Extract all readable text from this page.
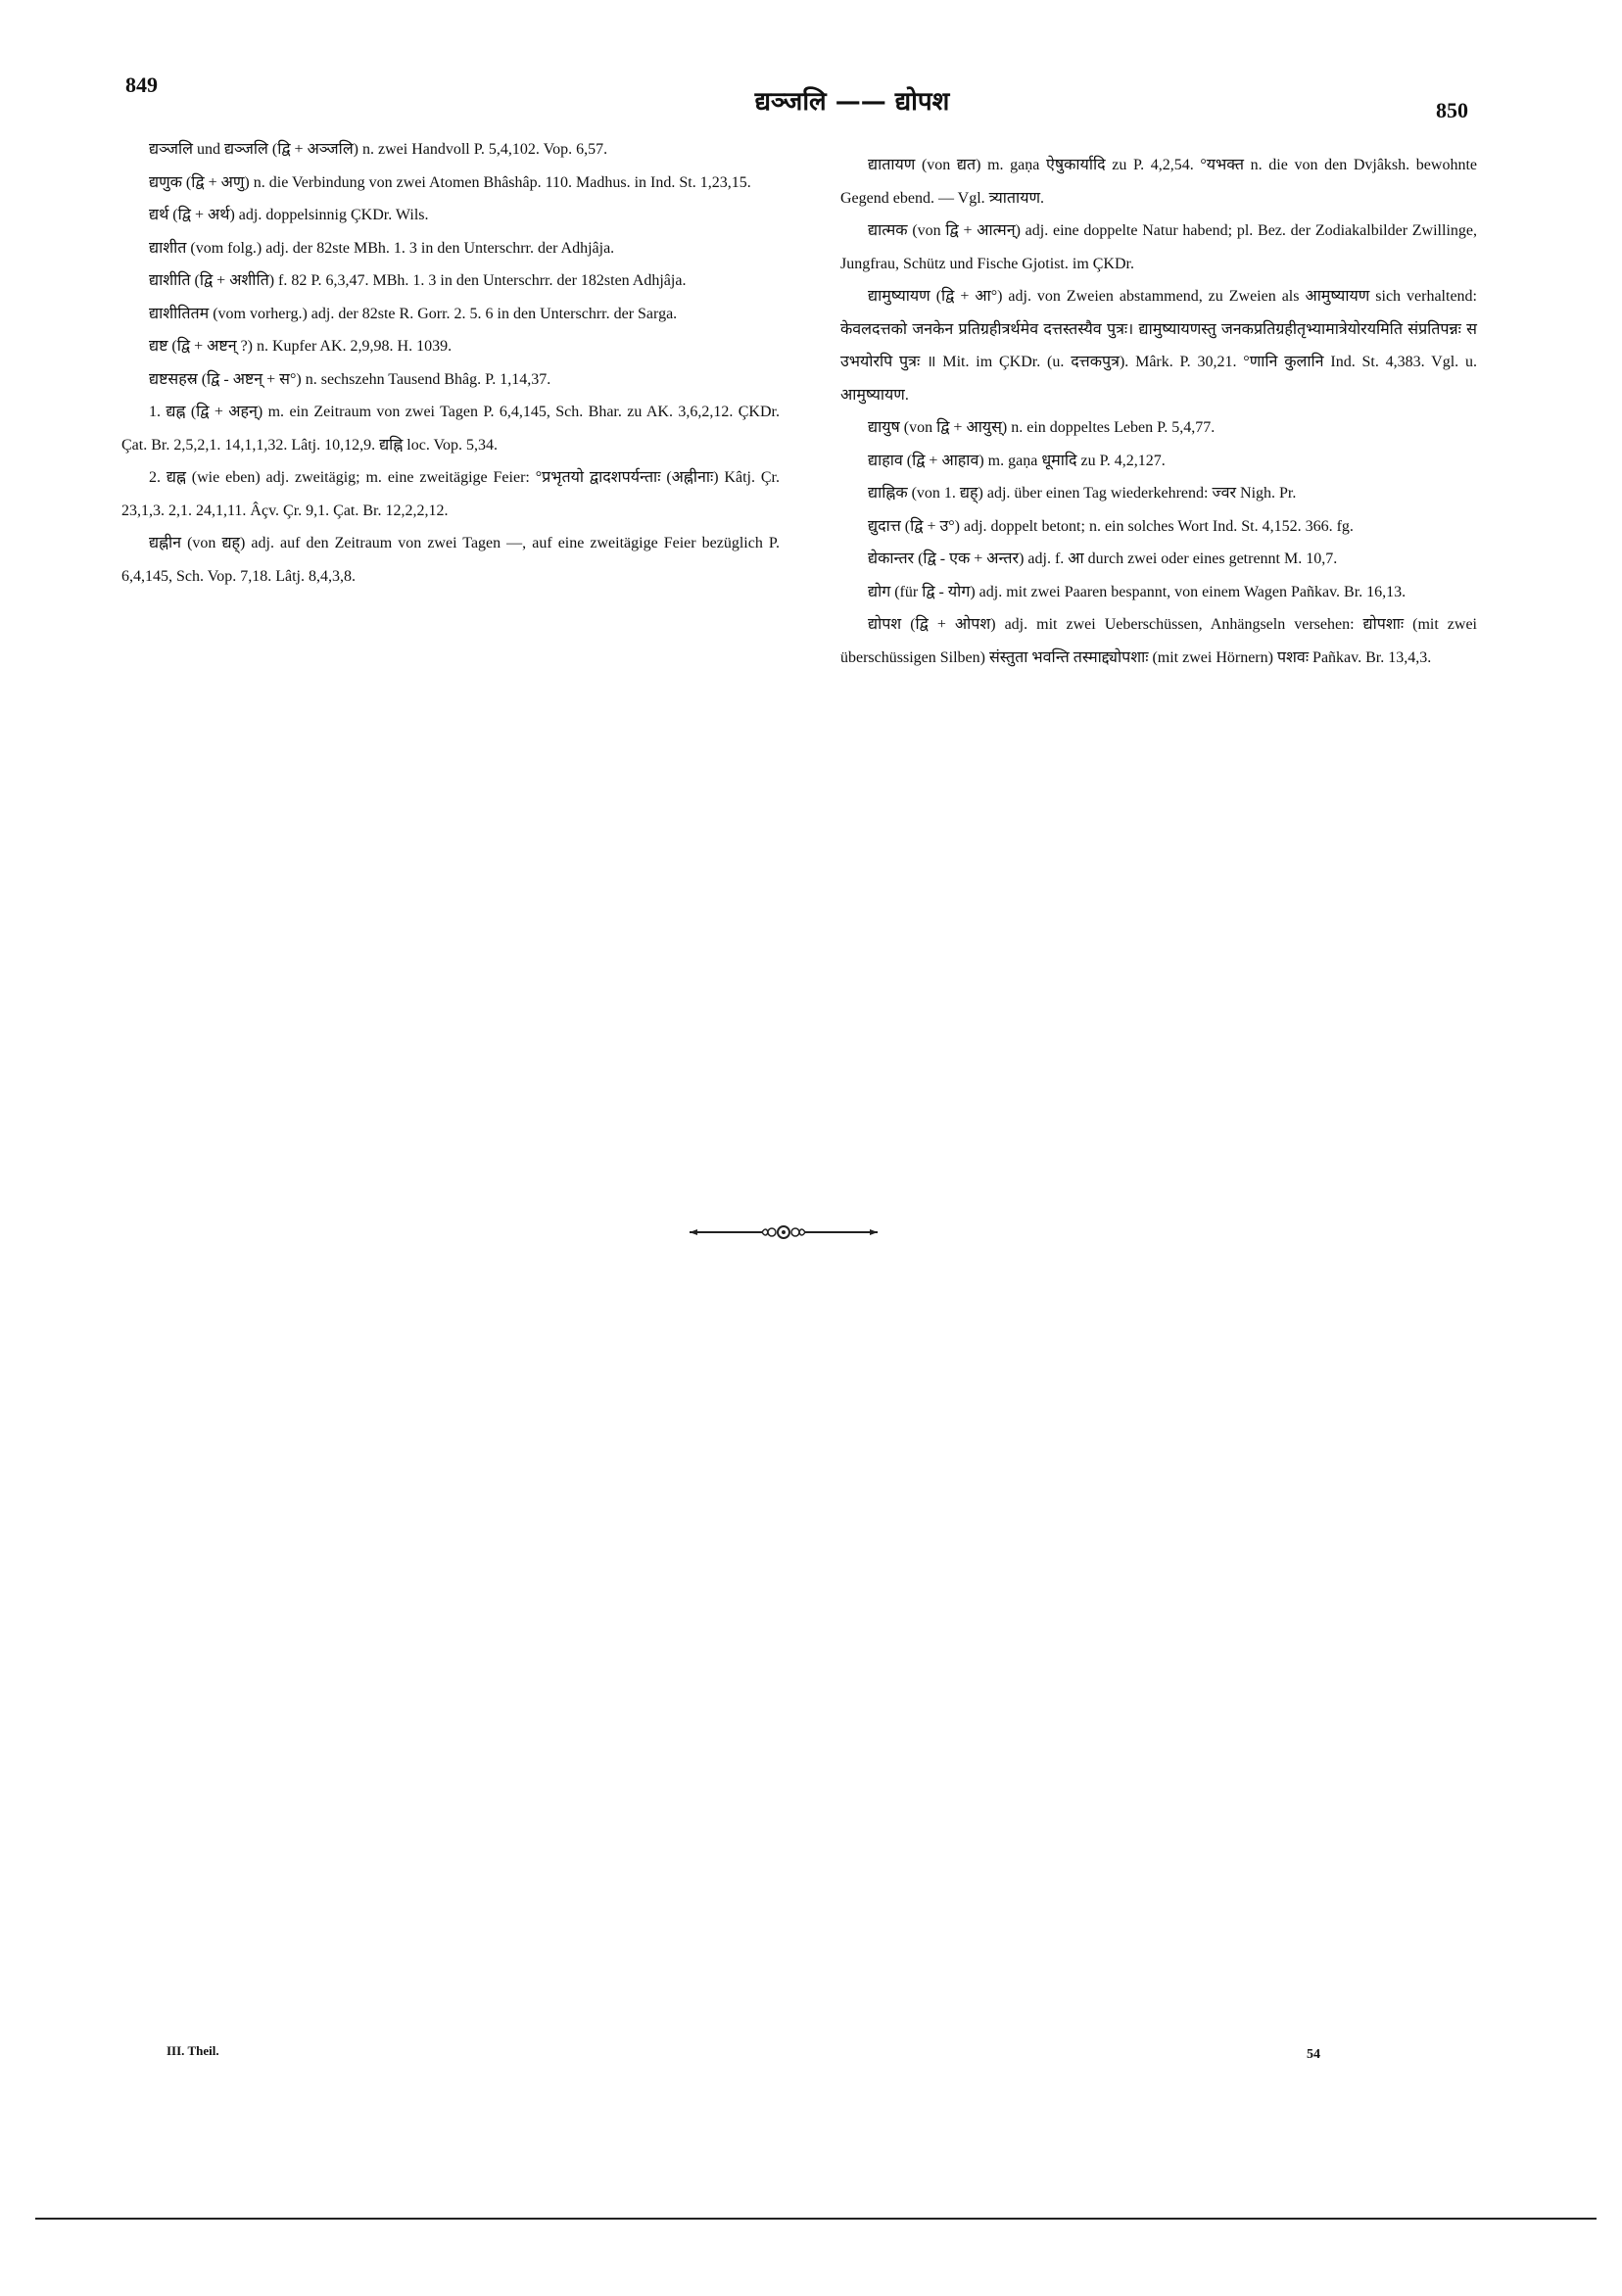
849
द्यञ्जलि —— द्योपश	850

द्यञ्जलि und द्यञ्जलि (द्वि + अञ्जलि) n. zwei Handvoll P. 5,4,102. Vop. 6,57.

द्यणुक (द्वि + अणु) n. die Verbindung von zwei Atomen Bhâshâp. 110. Madhus. in Ind. St. 1,23,15.

द्यर्थ (द्वि + अर्थ) adj. doppelsinnig ÇKDr. Wils.

द्याशीत (vom folg.) adj. der 82ste MBh. 1. 3 in den Unterschrr. der Adhjâja.

द्याशीति (द्वि + अशीति) f. 82 P. 6,3,47. MBh. 1. 3 in den Unterschrr. der 182sten Adhjâja.

द्याशीतितम (vom vorherg.) adj. der 82ste R. Gorr. 2. 5. 6 in den Unterschrr. der Sarga.

द्यष्ट (द्वि + अष्टन् ?) n. Kupfer AK. 2,9,98. H. 1039.

द्यष्टसहस्र (द्वि - अष्टन् + स°) n. sechszehn Tausend Bhâg. P. 1,14,37.

1. द्यह्न (द्वि + अहन्) m. ein Zeitraum von zwei Tagen P. 6,4,145, Sch. Bhar. zu AK. 3,6,2,12. ÇKDr. Çat. Br. 2,5,2,1. 14,1,1,32. Lâtj. 10,12,9. द्यह्नि loc. Vop. 5,34.

2. द्यह्न (wie eben) adj. zweitägig; m. eine zweitägige Feier: °प्रभृतयो द्वादशपर्यन्ताः (अह्नीनाः) Kâtj. Çr. 23,1,3. 2,1. 24,1,11. Âçv. Çr. 9,1. Çat. Br. 12,2,2,12.

द्यह्नीन (von द्यह्) adj. auf den Zeitraum von zwei Tagen —, auf eine zweitägige Feier bezüglich P. 6,4,145, Sch. Vop. 7,18. Lâtj. 8,4,3,8.

द्यातायण (von द्यत) m. gaṇa ऐषुकार्यादि zu P. 4,2,54. °यभक्त n. die von den Dvjâksh. bewohnte Gegend ebend. — Vgl. त्र्यातायण.

द्यात्मक (von द्वि + आत्मन्) adj. eine doppelte Natur habend; pl. Bez. der Zodiakalbilder Zwillinge, Jungfrau, Schütz und Fische Gjotist. im ÇKDr.

द्यामुष्यायण (द्वि + आ°) adj. von Zweien abstammend, zu Zweien als आमुष्यायण sich verhaltend: केवलदत्तको जनकेन प्रतिग्रहीत्रर्थमेव दत्तस्तस्यैव पुत्रः। द्यामुष्यायणस्तु जनकप्रतिग्रहीतृभ्यामात्रेयोरयमिति संप्रतिपन्नः स उभयोरपि पुत्रः ॥ Mit. im ÇKDr. (u. दत्तकपुत्र). Mârk. P. 30,21. °णानि कुलानि Ind. St. 4,383. Vgl. u. आमुष्यायण.

द्यायुष (von द्वि + आयुस्) n. ein doppeltes Leben P. 5,4,77.

द्याहाव (द्वि + आहाव) m. gaṇa धूमादि zu P. 4,2,127.

द्याह्निक (von 1. द्यह्) adj. über einen Tag wiederkehrend: ज्वर Nigh. Pr.

द्युदात्त (द्वि + उ°) adj. doppelt betont; n. ein solches Wort Ind. St. 4,152. 366. fg.

द्येकान्तर (द्वि - एक + अन्तर) adj. f. आ durch zwei oder eines getrennt M. 10,7.

द्योग (für द्वि - योग) adj. mit zwei Paaren bespannt, von einem Wagen Pañkav. Br. 16,13.

द्योपश (द्वि + ओपश) adj. mit zwei Ueberschüssen, Anhängseln versehen: द्योपशाः (mit zwei überschüssigen Silben) संस्तुता भवन्ति तस्माद्द्योपशाः (mit zwei Hörnern) पशवः Pañkav. Br. 13,4,3.

III. Theil.	54
